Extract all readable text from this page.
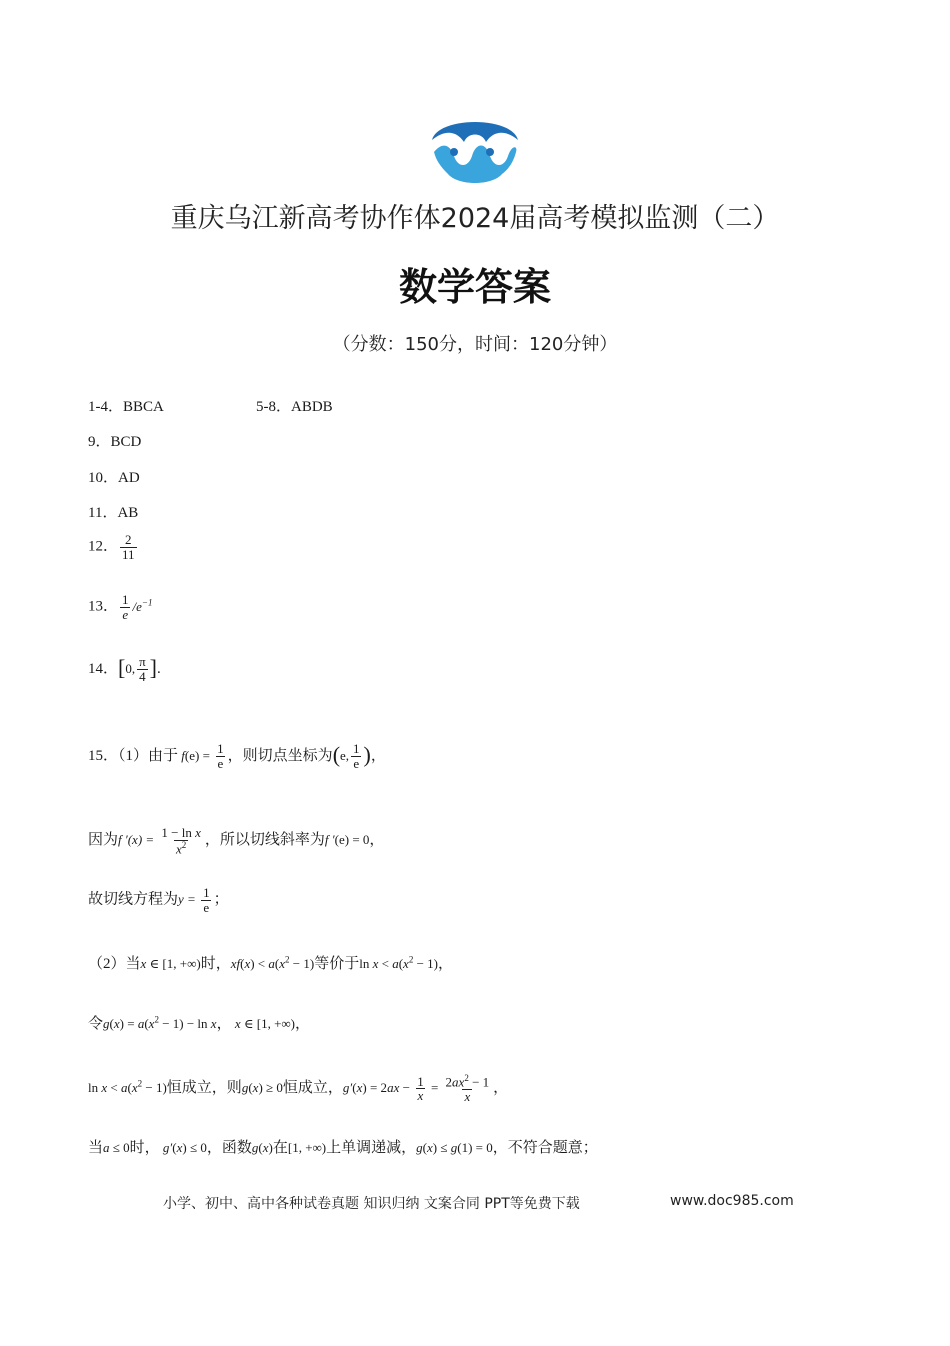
重庆乌江新高考协作体2024届高考模拟监测（二）
数学答案
（分数：150分，时间：120分钟）
1-4．BBCA	5-8．ABDB
9．BCD
10．AD
11．AB
12． $\frac{2}{11}$
13． $\frac{1}{e} /e^{-1}$
14．[0, $\frac{\pi}{4}$ ].
15．（1）由于 $f(e) = \frac{1}{e}$ ，则切点坐标为(e, $\frac{1}{e}$ )，
因为f $'(x) = \frac{\text{1 − ln x}}{x^2}$ ，所以切线斜率为f ′(e) = 0，
故切线方程为$y = \frac{1}{e}$ ；
（2）当x ∈ [1, +∞)时，$xf(x) < a(x^2 - 1)$等价于$\ln x < a(x^2 - 1)$，
令$g(x) = a(x^2 - 1) - \ln x$， x ∈ [1, +∞)，
$\ln x < a(x^2 - 1)$恒成立，则g(x) ≥ 0恒成立，$g'(x) = 2ax - \frac{1}{x} = \frac{2ax^2 - 1}{x}$ ，
当a ≤ 0时， g′(x) ≤ 0，函数g(x)在[1, +∞)上单调递减，g(x) ≤ g(1) = 0，不符合题意；
小学、初中、高中各种试卷真题 知识归纳 文案合同 PPT等免费下载	www.doc985.com
